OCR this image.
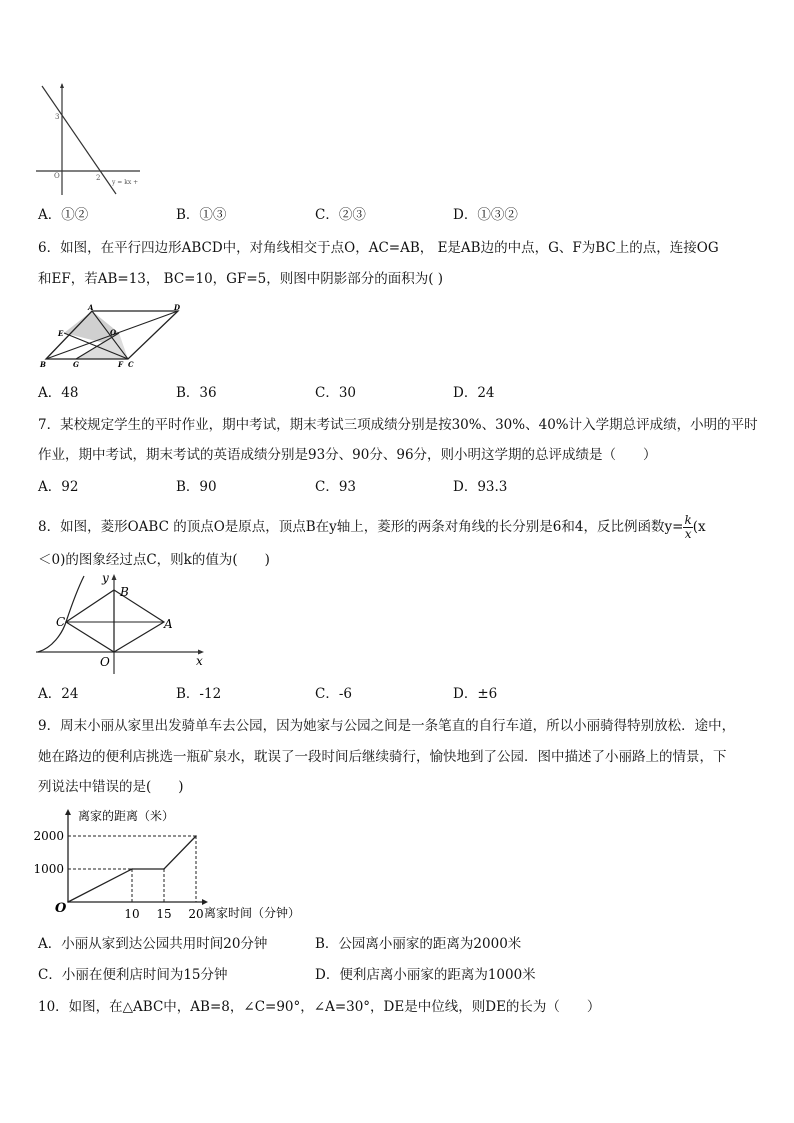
3
O	2
y = kx +
A．①②	B．①③	C．②③	D．①③②
6．如图，在平行四边形ABCD中，对角线相交于点O，AC=AB， E是AB边的中点，G、F为BC上的点，连接OG
和EF，若AB=13， BC=10，GF=5，则图中阴影部分的面积为( )
A	D
E	O
B	G	F C
A．48	B．36	C．30	D．24
7．某校规定学生的平时作业，期中考试，期末考试三项成绩分别是按30%、30%、40%计入学期总评成绩，小明的平时
作业，期中考试，期末考试的英语成绩分别是93分、90分、96分，则小明这学期的总评成绩是（　　）
A．92	B．90	C．93	D．93.3
8．如图，菱形OABC 的顶点O是原点，顶点B在y轴上，菱形的两条对角线的长分别是6和4，反比例函数$y= \frac{k}{x} (x$
＜0)的图象经过点C，则k的值为(　　)
y
B
C	A
O	x
A．24	B．-12	C．-6	D．±6
9．周末小丽从家里出发骑单车去公园，因为她家与公园之间是一条笔直的自行车道，所以小丽骑得特别放松．途中，
她在路边的便利店挑选一瓶矿泉水，耽误了一段时间后继续骑行，愉快地到了公园．图中描述了小丽路上的情景，下
列说法中错误的是(　　)
离家的距离（米）
离家时间（分钟）
O
1000
2000
10 15 20
A．小丽从家到达公园共用时间20分钟	B．公园离小丽家的距离为2000米
C．小丽在便利店时间为15分钟	D．便利店离小丽家的距离为1000米
10．如图，在△ABC中，AB=8，∠C=90°，∠A=30°，DE是中位线，则DE的长为（　　）
